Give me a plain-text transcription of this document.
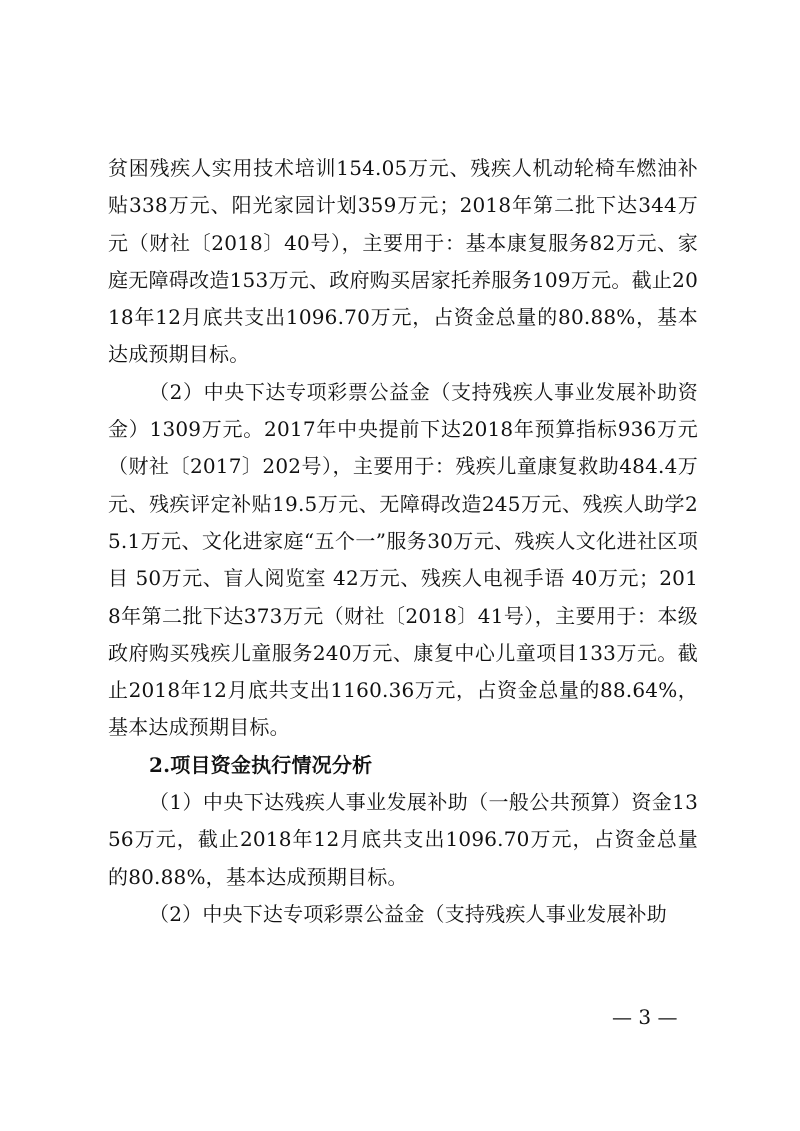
贫困残疾人实用技术培训154.05万元、残疾人机动轮椅车燃油补贴338万元、阳光家园计划359万元；2018年第二批下达344万元（财社〔2018〕40号），主要用于：基本康复服务82万元、家庭无障碍改造153万元、政府购买居家托养服务109万元。截止2018年12月底共支出1096.70万元，占资金总量的80.88%，基本达成预期目标。

（2）中央下达专项彩票公益金（支持残疾人事业发展补助资金）1309万元。2017年中央提前下达2018年预算指标936万元（财社〔2017〕202号），主要用于：残疾儿童康复救助484.4万元、残疾评定补贴19.5万元、无障碍改造245万元、残疾人助学25.1万元、文化进家庭“五个一”服务30万元、残疾人文化进社区项目 50万元、盲人阅览室 42万元、残疾人电视手语 40万元；2018年第二批下达373万元（财社〔2018〕41号），主要用于：本级政府购买残疾儿童服务240万元、康复中心儿童项目133万元。截止2018年12月底共支出1160.36万元，占资金总量的88.64%，基本达成预期目标。

2.项目资金执行情况分析

（1）中央下达残疾人事业发展补助（一般公共预算）资金1356万元，截止2018年12月底共支出1096.70万元，占资金总量的80.88%，基本达成预期目标。

（2）中央下达专项彩票公益金（支持残疾人事业发展补助

— 3 —
